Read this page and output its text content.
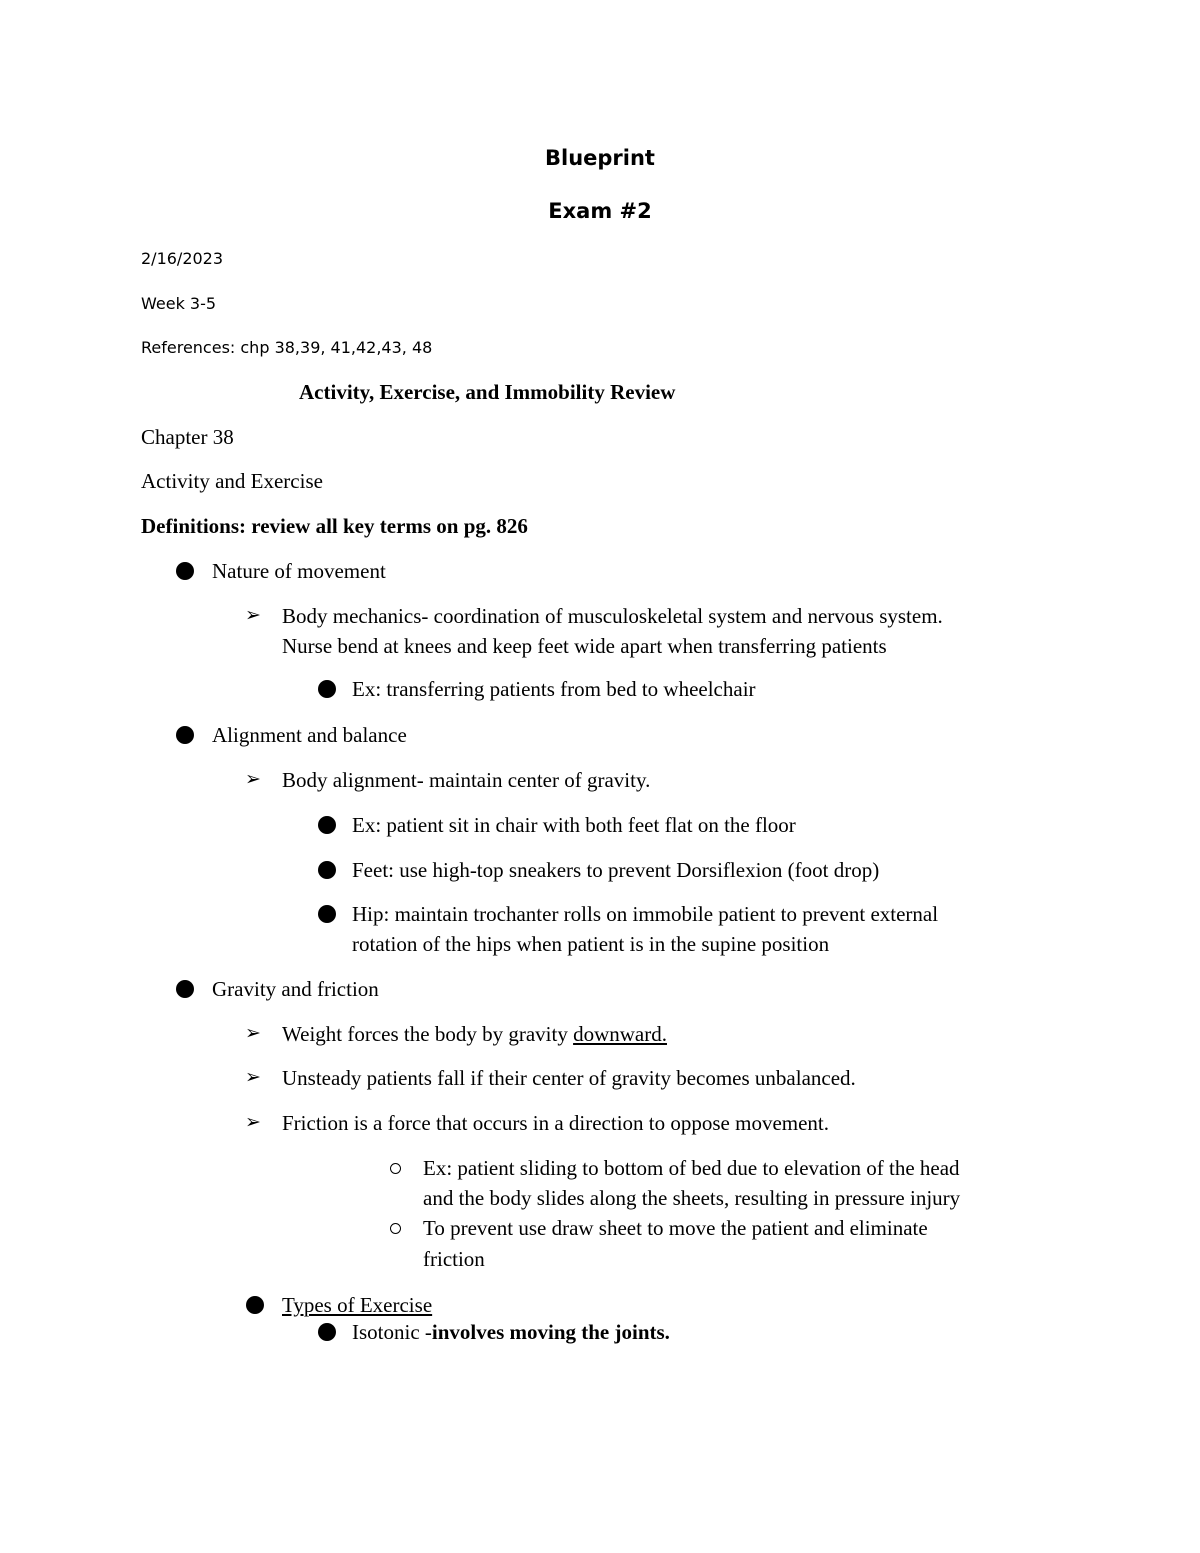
Blueprint

Exam #2

2/16/2023

Week 3-5

References: chp 38,39, 41,42,43, 48

Activity, Exercise, and Immobility Review

Chapter 38

Activity and Exercise

Definitions: review all key terms on pg. 826

Nature of movement

➢ Body mechanics- coordination of musculoskeletal system and nervous system.

Nurse bend at knees and keep feet wide apart when transferring patients

Ex: transferring patients from bed to wheelchair

Alignment and balance

➢ Body alignment- maintain center of gravity.

Ex: patient sit in chair with both feet flat on the floor

Feet: use high-top sneakers to prevent Dorsiflexion (foot drop)

Hip: maintain trochanter rolls on immobile patient to prevent external

rotation of the hips when patient is in the supine position

Gravity and friction

➢ Weight forces the body by gravity downward.

➢ Unsteady patients fall if their center of gravity becomes unbalanced.

➢ Friction is a force that occurs in a direction to oppose movement.

Ex: patient sliding to bottom of bed due to elevation of the head

and the body slides along the sheets, resulting in pressure injury

To prevent use draw sheet to move the patient and eliminate

friction

Types of Exercise

Isotonic -involves moving the joints.
